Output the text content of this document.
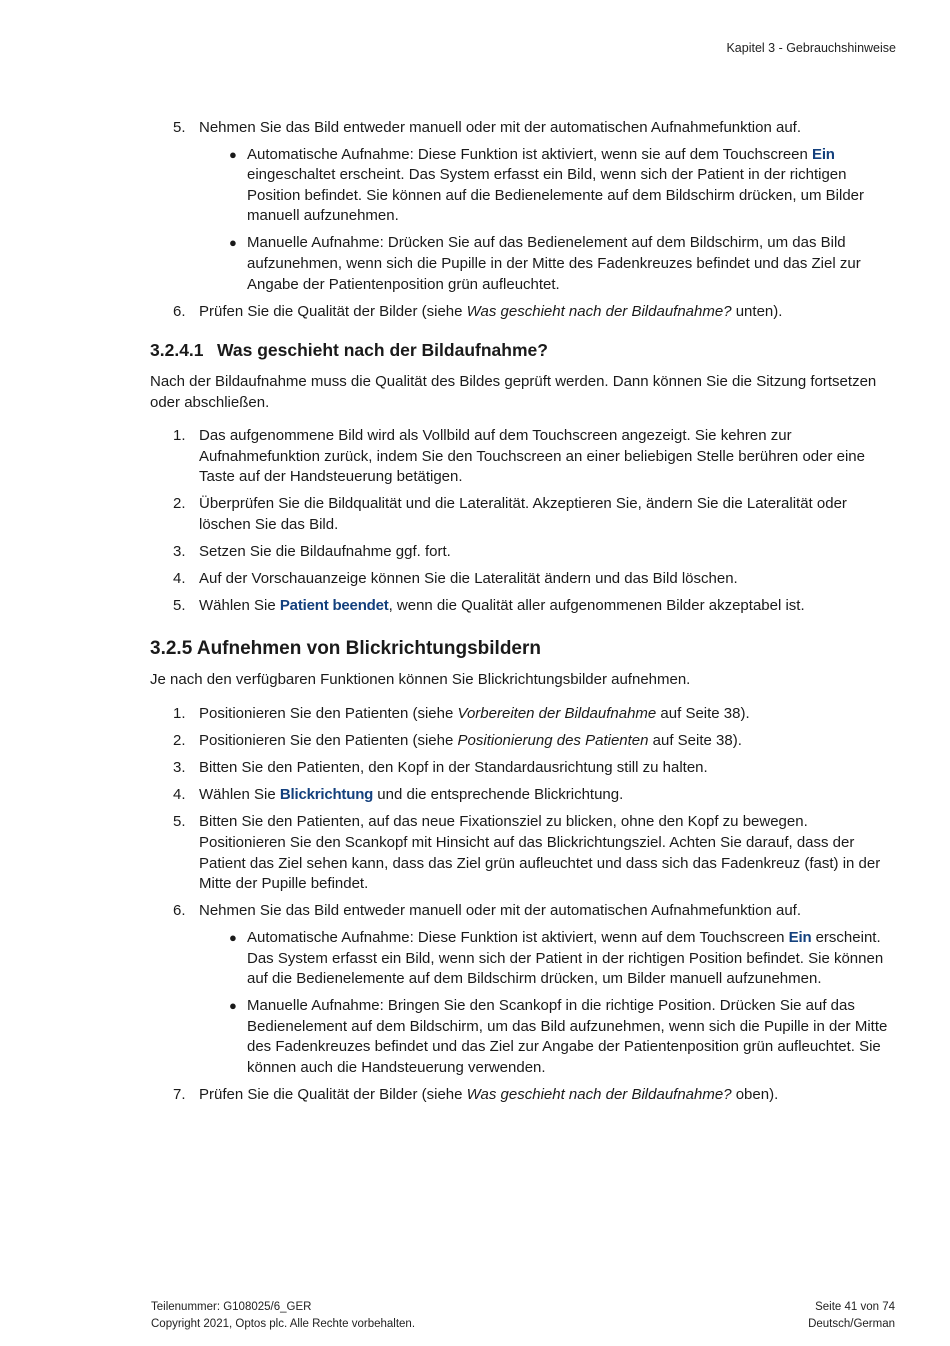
Kapitel 3 - Gebrauchshinweise
5. Nehmen Sie das Bild entweder manuell oder mit der automatischen Aufnahmefunktion auf.
● Automatische Aufnahme: Diese Funktion ist aktiviert, wenn sie auf dem Touchscreen Ein eingeschaltet erscheint. Das System erfasst ein Bild, wenn sich der Patient in der richtigen Position befindet. Sie können auf die Bedienelemente auf dem Bildschirm drücken, um Bilder manuell aufzunehmen.
● Manuelle Aufnahme: Drücken Sie auf das Bedienelement auf dem Bildschirm, um das Bild aufzunehmen, wenn sich die Pupille in der Mitte des Fadenkreuzes befindet und das Ziel zur Angabe der Patientenposition grün aufleuchtet.
6. Prüfen Sie die Qualität der Bilder (siehe Was geschieht nach der Bildaufnahme? unten).
3.2.4.1 Was geschieht nach der Bildaufnahme?
Nach der Bildaufnahme muss die Qualität des Bildes geprüft werden. Dann können Sie die Sitzung fortsetzen oder abschließen.
1. Das aufgenommene Bild wird als Vollbild auf dem Touchscreen angezeigt. Sie kehren zur Aufnahmefunktion zurück, indem Sie den Touchscreen an einer beliebigen Stelle berühren oder eine Taste auf der Handsteuerung betätigen.
2. Überprüfen Sie die Bildqualität und die Lateralität. Akzeptieren Sie, ändern Sie die Lateralität oder löschen Sie das Bild.
3. Setzen Sie die Bildaufnahme ggf. fort.
4. Auf der Vorschauanzeige können Sie die Lateralität ändern und das Bild löschen.
5. Wählen Sie Patient beendet, wenn die Qualität aller aufgenommenen Bilder akzeptabel ist.
3.2.5 Aufnehmen von Blickrichtungsbildern
Je nach den verfügbaren Funktionen können Sie Blickrichtungsbilder aufnehmen.
1. Positionieren Sie den Patienten (siehe Vorbereiten der Bildaufnahme auf Seite 38).
2. Positionieren Sie den Patienten (siehe Positionierung des Patienten auf Seite 38).
3. Bitten Sie den Patienten, den Kopf in der Standardausrichtung still zu halten.
4. Wählen Sie Blickrichtung und die entsprechende Blickrichtung.
5. Bitten Sie den Patienten, auf das neue Fixationsziel zu blicken, ohne den Kopf zu bewegen. Positionieren Sie den Scankopf mit Hinsicht auf das Blickrichtungsziel. Achten Sie darauf, dass der Patient das Ziel sehen kann, dass das Ziel grün aufleuchtet und dass sich das Fadenkreuz (fast) in der Mitte der Pupille befindet.
6. Nehmen Sie das Bild entweder manuell oder mit der automatischen Aufnahmefunktion auf.
● Automatische Aufnahme: Diese Funktion ist aktiviert, wenn auf dem Touchscreen Ein erscheint. Das System erfasst ein Bild, wenn sich der Patient in der richtigen Position befindet. Sie können auf die Bedienelemente auf dem Bildschirm drücken, um Bilder manuell aufzunehmen.
● Manuelle Aufnahme: Bringen Sie den Scankopf in die richtige Position. Drücken Sie auf das Bedienelement auf dem Bildschirm, um das Bild aufzunehmen, wenn sich die Pupille in der Mitte des Fadenkreuzes befindet und das Ziel zur Angabe der Patientenposition grün aufleuchtet. Sie können auch die Handsteuerung verwenden.
7. Prüfen Sie die Qualität der Bilder (siehe Was geschieht nach der Bildaufnahme? oben).
Teilenummer: G108025/6_GER
Copyright 2021, Optos plc. Alle Rechte vorbehalten.
Seite 41 von 74
Deutsch/German
